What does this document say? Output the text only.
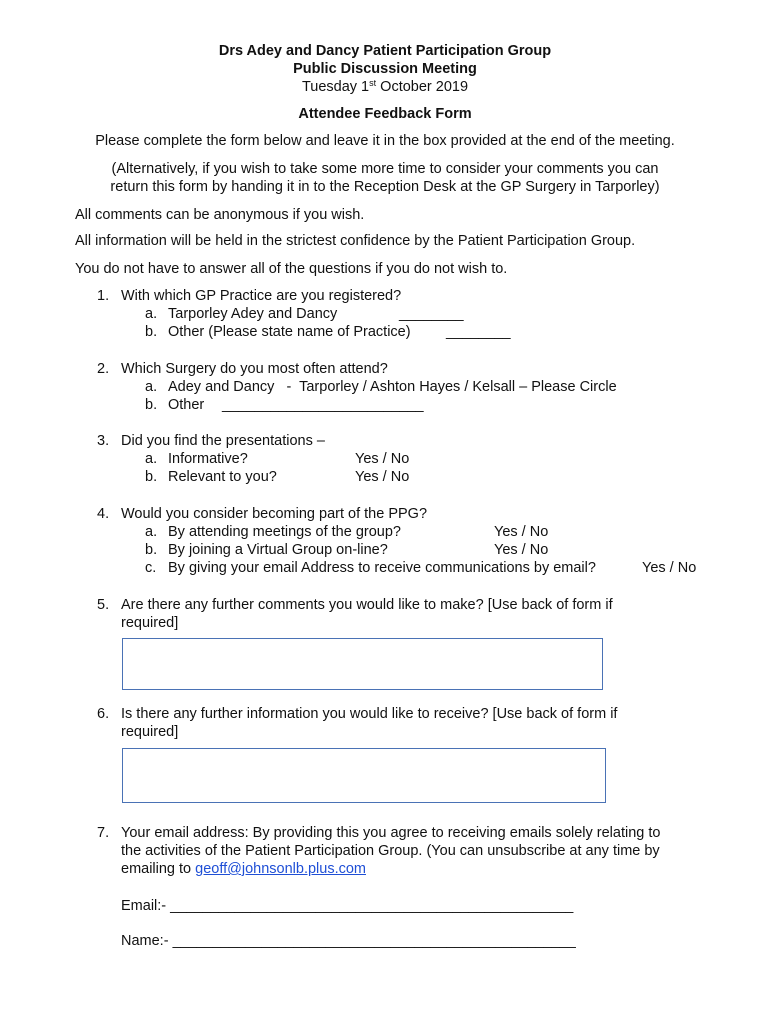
Drs Adey and Dancy Patient Participation Group
Public Discussion Meeting
Tuesday 1st October 2019
Attendee Feedback Form
Please complete the form below and leave it in the box provided at the end of the meeting.
(Alternatively, if you wish to take some more time to consider your comments you can
return this form by handing it in to the Reception Desk at the GP Surgery in Tarporley)
All comments can be anonymous if you wish.
All information will be held in the strictest confidence by the Patient Participation Group.
You do not have to answer all of the questions if you do not wish to.
1. With which GP Practice are you registered?
a. Tarporley Adey and Dancy	________
b. Other (Please state name of Practice) ________
2. Which Surgery do you most often attend?
a. Adey and Dancy   -  Tarporley / Ashton Hayes / Kelsall – Please Circle
b. Other _________________________
3. Did you find the presentations –
a. Informative?	Yes / No
b. Relevant to you?	Yes / No
4. Would you consider becoming part of the PPG?
a. By attending meetings of the group?	Yes / No
b. By joining a Virtual Group on-line?	Yes / No
c. By giving your email Address to receive communications by email?	Yes / No
5. Are there any further comments you would like to make? [Use back of form if
required]
6. Is there any further information you would like to receive? [Use back of form if
required]
7. Your email address: By providing this you agree to receiving emails solely relating to
the activities of the Patient Participation Group. (You can unsubscribe at any time by
emailing to geoff@johnsonlb.plus.com
Email:- __________________________________________________
Name:- __________________________________________________
